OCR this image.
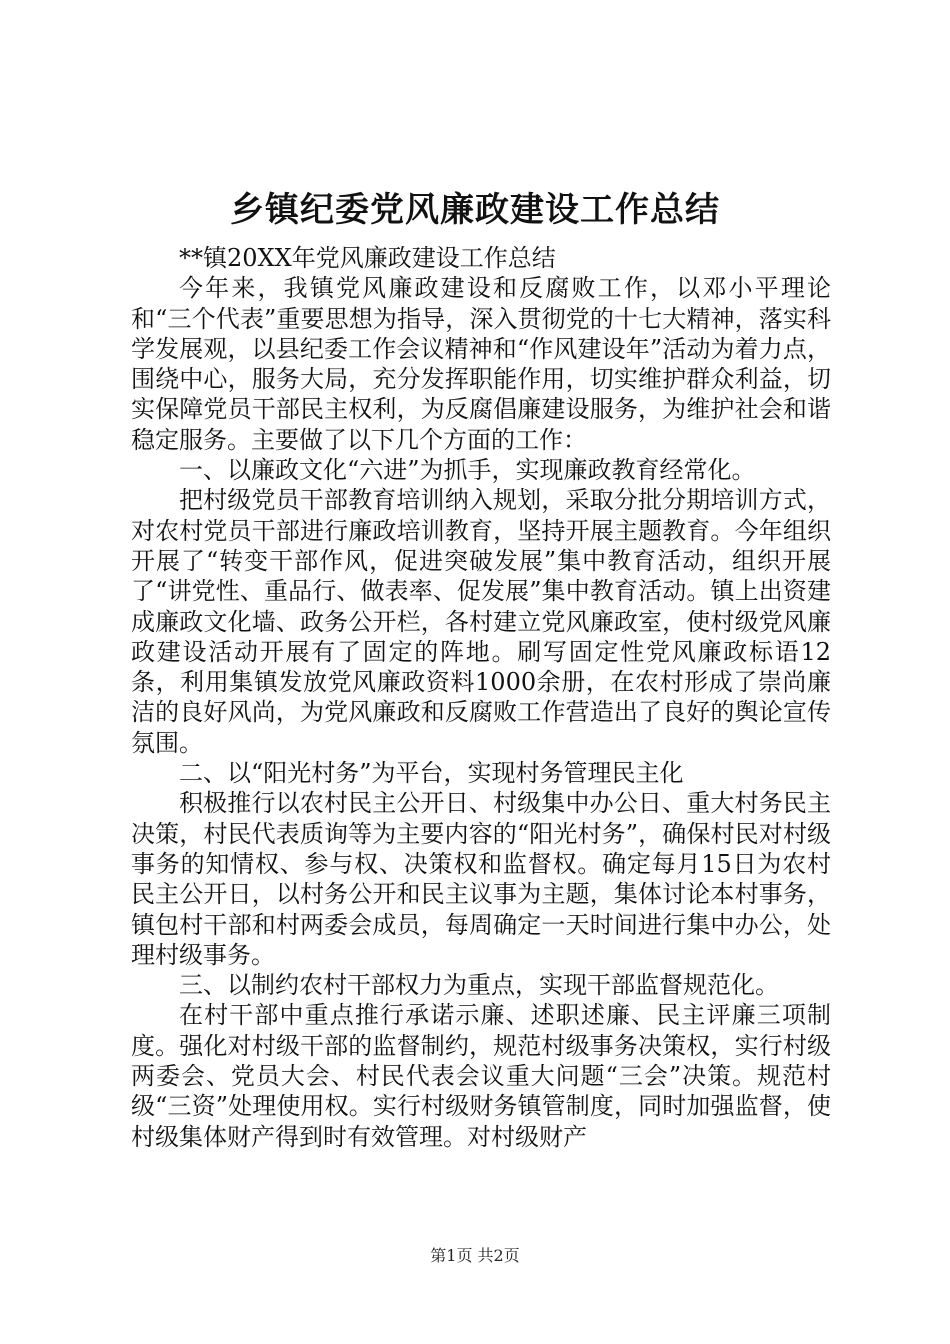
乡镇纪委党风廉政建设工作总结

**镇20XX年党风廉政建设工作总结

今年来，我镇党风廉政建设和反腐败工作，以邓小平理论和“三个代表”重要思想为指导，深入贯彻党的十七大精神，落实科学发展观，以县纪委工作会议精神和“作风建设年”活动为着力点，围绕中心，服务大局，充分发挥职能作用，切实维护群众利益，切实保障党员干部民主权利，为反腐倡廉建设服务，为维护社会和谐稳定服务。主要做了以下几个方面的工作：

一、以廉政文化“六进”为抓手，实现廉政教育经常化。

把村级党员干部教育培训纳入规划，采取分批分期培训方式，对农村党员干部进行廉政培训教育，坚持开展主题教育。今年组织开展了“转变干部作风，促进突破发展”集中教育活动，组织开展了“讲党性、重品行、做表率、促发展”集中教育活动。镇上出资建成廉政文化墙、政务公开栏，各村建立党风廉政室，使村级党风廉政建设活动开展有了固定的阵地。刷写固定性党风廉政标语12条，利用集镇发放党风廉政资料1000余册，在农村形成了崇尚廉洁的良好风尚，为党风廉政和反腐败工作营造出了良好的舆论宣传氛围。

二、以“阳光村务”为平台，实现村务管理民主化

积极推行以农村民主公开日、村级集中办公日、重大村务民主决策，村民代表质询等为主要内容的“阳光村务”，确保村民对村级事务的知情权、参与权、决策权和监督权。确定每月15日为农村民主公开日，以村务公开和民主议事为主题，集体讨论本村事务，镇包村干部和村两委会成员，每周确定一天时间进行集中办公，处理村级事务。

三、以制约农村干部权力为重点，实现干部监督规范化。

在村干部中重点推行承诺示廉、述职述廉、民主评廉三项制度。强化对村级干部的监督制约，规范村级事务决策权，实行村级两委会、党员大会、村民代表会议重大问题“三会”决策。规范村级“三资”处理使用权。实行村级财务镇管制度，同时加强监督，使村级集体财产得到时有效管理。对村级财产

第1页 共2页
